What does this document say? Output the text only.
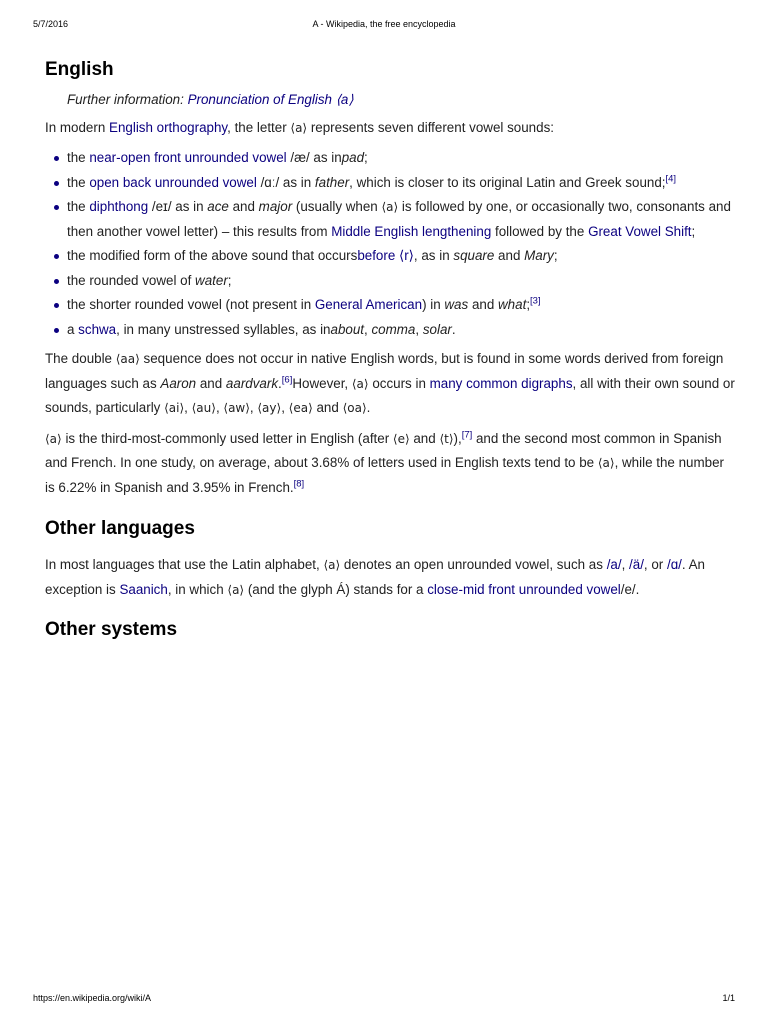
5/7/2016	A - Wikipedia, the free encyclopedia
English
Further information: Pronunciation of English ⟨a⟩

In modern English orthography, the letter ⟨a⟩ represents seven different vowel sounds:

the near-open front unrounded vowel /æ/ as inpad;
the open back unrounded vowel /ɑː/ as in father, which is closer to its original Latin and Greek sound;[4]
the diphthong /eɪ/ as in ace and major (usually when ⟨a⟩ is followed by one, or occasionally two, consonants and then another vowel letter) – this results from Middle English lengthening followed by the Great Vowel Shift;
the modified form of the above sound that occursbefore ⟨r⟩, as in square and Mary;
the rounded vowel of water;
the shorter rounded vowel (not present in General American) in was and what;[3]
a schwa, in many unstressed syllables, as inabout, comma, solar.

The double ⟨aa⟩ sequence does not occur in native English words, but is found in some words derived from foreign languages such as Aaron and aardvark.[6]However, ⟨a⟩ occurs in many common digraphs, all with their own sound or sounds, particularly ⟨ai⟩, ⟨au⟩, ⟨aw⟩, ⟨ay⟩, ⟨ea⟩ and ⟨oa⟩.

⟨a⟩ is the third-most-commonly used letter in English (after ⟨e⟩ and ⟨t⟩),[7] and the second most common in Spanish and French. In one study, on average, about 3.68% of letters used in English texts tend to be ⟨a⟩, while the number is 6.22% in Spanish and 3.95% in French.[8]

Other languages

In most languages that use the Latin alphabet, ⟨a⟩ denotes an open unrounded vowel, such as /a/, /ä/, or /ɑ/. An exception is Saanich, in which ⟨a⟩ (and the glyph Á) stands for a close-mid front unrounded vowel/e/.

Other systems
https://en.wikipedia.org/wiki/A	1/1
